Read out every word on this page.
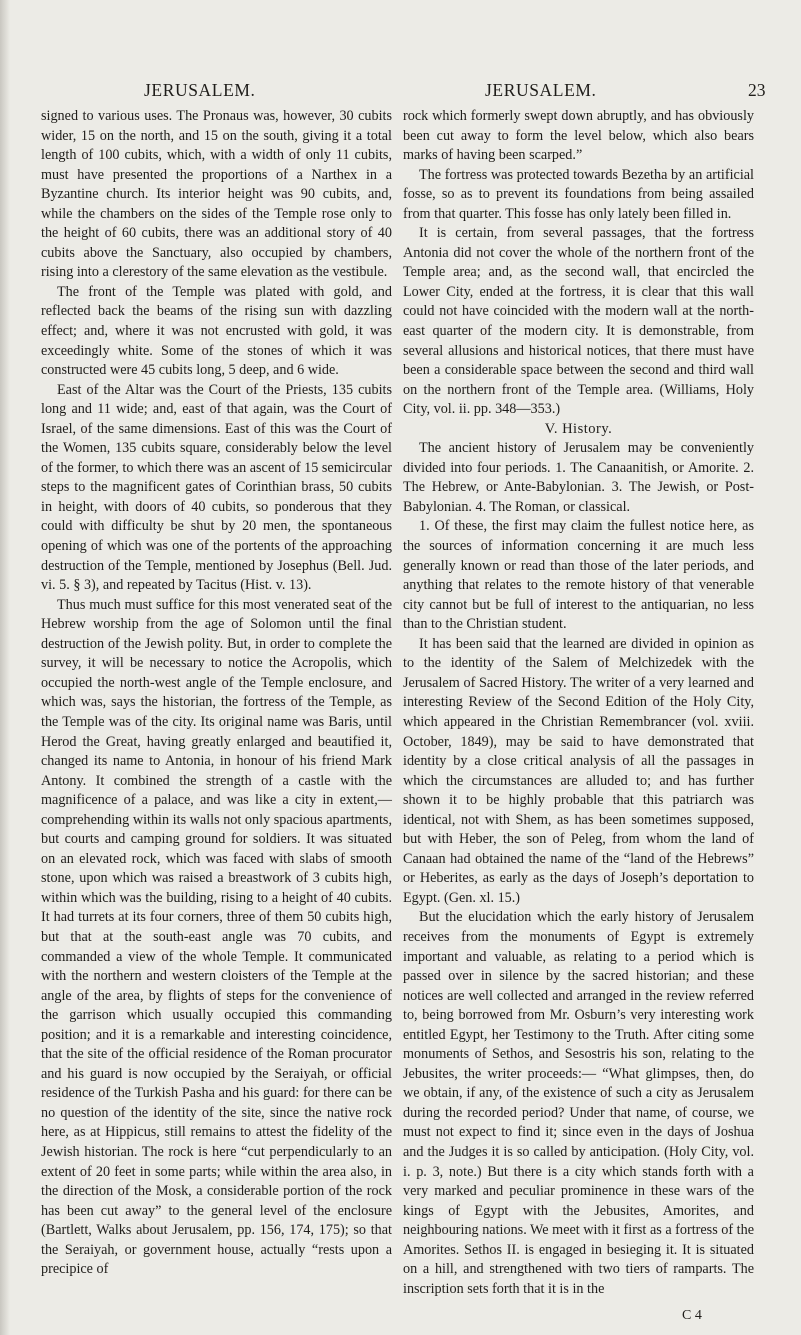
JERUSALEM.	JERUSALEM.	23

signed to various uses. The Pronaus was, however, 30 cubits wider, 15 on the north, and 15 on the south, giving it a total length of 100 cubits, which, with a width of only 11 cubits, must have presented the proportions of a Narthex in a Byzantine church. Its interior height was 90 cubits, and, while the chambers on the sides of the Temple rose only to the height of 60 cubits, there was an additional story of 40 cubits above the Sanctuary, also occupied by chambers, rising into a clerestory of the same elevation as the vestibule.

The front of the Temple was plated with gold, and reflected back the beams of the rising sun with dazzling effect; and, where it was not encrusted with gold, it was exceedingly white. Some of the stones of which it was constructed were 45 cubits long, 5 deep, and 6 wide.

East of the Altar was the Court of the Priests, 135 cubits long and 11 wide; and, east of that again, was the Court of Israel, of the same dimensions. East of this was the Court of the Women, 135 cubits square, considerably below the level of the former, to which there was an ascent of 15 semicircular steps to the magnificent gates of Corinthian brass, 50 cubits in height, with doors of 40 cubits, so ponderous that they could with difficulty be shut by 20 men, the spontaneous opening of which was one of the portents of the approaching destruction of the Temple, mentioned by Josephus (Bell. Jud. vi. 5. § 3), and repeated by Tacitus (Hist. v. 13).

Thus much must suffice for this most venerated seat of the Hebrew worship from the age of Solomon until the final destruction of the Jewish polity. But, in order to complete the survey, it will be necessary to notice the Acropolis, which occupied the north-west angle of the Temple enclosure, and which was, says the historian, the fortress of the Temple, as the Temple was of the city. Its original name was Baris, until Herod the Great, having greatly enlarged and beautified it, changed its name to Antonia, in honour of his friend Mark Antony. It combined the strength of a castle with the magnificence of a palace, and was like a city in extent,—comprehending within its walls not only spacious apartments, but courts and camping ground for soldiers. It was situated on an elevated rock, which was faced with slabs of smooth stone, upon which was raised a breastwork of 3 cubits high, within which was the building, rising to a height of 40 cubits. It had turrets at its four corners, three of them 50 cubits high, but that at the south-east angle was 70 cubits, and commanded a view of the whole Temple. It communicated with the northern and western cloisters of the Temple at the angle of the area, by flights of steps for the convenience of the garrison which usually occupied this commanding position; and it is a remarkable and interesting coincidence, that the site of the official residence of the Roman procurator and his guard is now occupied by the Seraiyah, or official residence of the Turkish Pasha and his guard: for there can be no question of the identity of the site, since the native rock here, as at Hippicus, still remains to attest the fidelity of the Jewish historian. The rock is here “cut perpendicularly to an extent of 20 feet in some parts; while within the area also, in the direction of the Mosk, a considerable portion of the rock has been cut away” to the general level of the enclosure (Bartlett, Walks about Jerusalem, pp. 156, 174, 175); so that the Seraiyah, or government house, actually “rests upon a precipice of

rock which formerly swept down abruptly, and has obviously been cut away to form the level below, which also bears marks of having been scarped.”

The fortress was protected towards Bezetha by an artificial fosse, so as to prevent its foundations from being assailed from that quarter. This fosse has only lately been filled in.

It is certain, from several passages, that the fortress Antonia did not cover the whole of the northern front of the Temple area; and, as the second wall, that encircled the Lower City, ended at the fortress, it is clear that this wall could not have coincided with the modern wall at the north-east quarter of the modern city. It is demonstrable, from several allusions and historical notices, that there must have been a considerable space between the second and third wall on the northern front of the Temple area. (Williams, Holy City, vol. ii. pp. 348—353.)

V. History.

The ancient history of Jerusalem may be conveniently divided into four periods. 1. The Canaanitish, or Amorite. 2. The Hebrew, or Ante-Babylonian. 3. The Jewish, or Post-Babylonian. 4. The Roman, or classical.

1. Of these, the first may claim the fullest notice here, as the sources of information concerning it are much less generally known or read than those of the later periods, and anything that relates to the remote history of that venerable city cannot but be full of interest to the antiquarian, no less than to the Christian student.

It has been said that the learned are divided in opinion as to the identity of the Salem of Melchizedek with the Jerusalem of Sacred History. The writer of a very learned and interesting Review of the Second Edition of the Holy City, which appeared in the Christian Remembrancer (vol. xviii. October, 1849), may be said to have demonstrated that identity by a close critical analysis of all the passages in which the circumstances are alluded to; and has further shown it to be highly probable that this patriarch was identical, not with Shem, as has been sometimes supposed, but with Heber, the son of Peleg, from whom the land of Canaan had obtained the name of the “land of the Hebrews” or Heberites, as early as the days of Joseph’s deportation to Egypt. (Gen. xl. 15.)

But the elucidation which the early history of Jerusalem receives from the monuments of Egypt is extremely important and valuable, as relating to a period which is passed over in silence by the sacred historian; and these notices are well collected and arranged in the review referred to, being borrowed from Mr. Osburn’s very interesting work entitled Egypt, her Testimony to the Truth. After citing some monuments of Sethos, and Sesostris his son, relating to the Jebusites, the writer proceeds:— “What glimpses, then, do we obtain, if any, of the existence of such a city as Jerusalem during the recorded period? Under that name, of course, we must not expect to find it; since even in the days of Joshua and the Judges it is so called by anticipation. (Holy City, vol. i. p. 3, note.) But there is a city which stands forth with a very marked and peculiar prominence in these wars of the kings of Egypt with the Jebusites, Amorites, and neighbouring nations. We meet with it first as a fortress of the Amorites. Sethos II. is engaged in besieging it. It is situated on a hill, and strengthened with two tiers of ramparts. The inscription sets forth that it is in the

C 4
